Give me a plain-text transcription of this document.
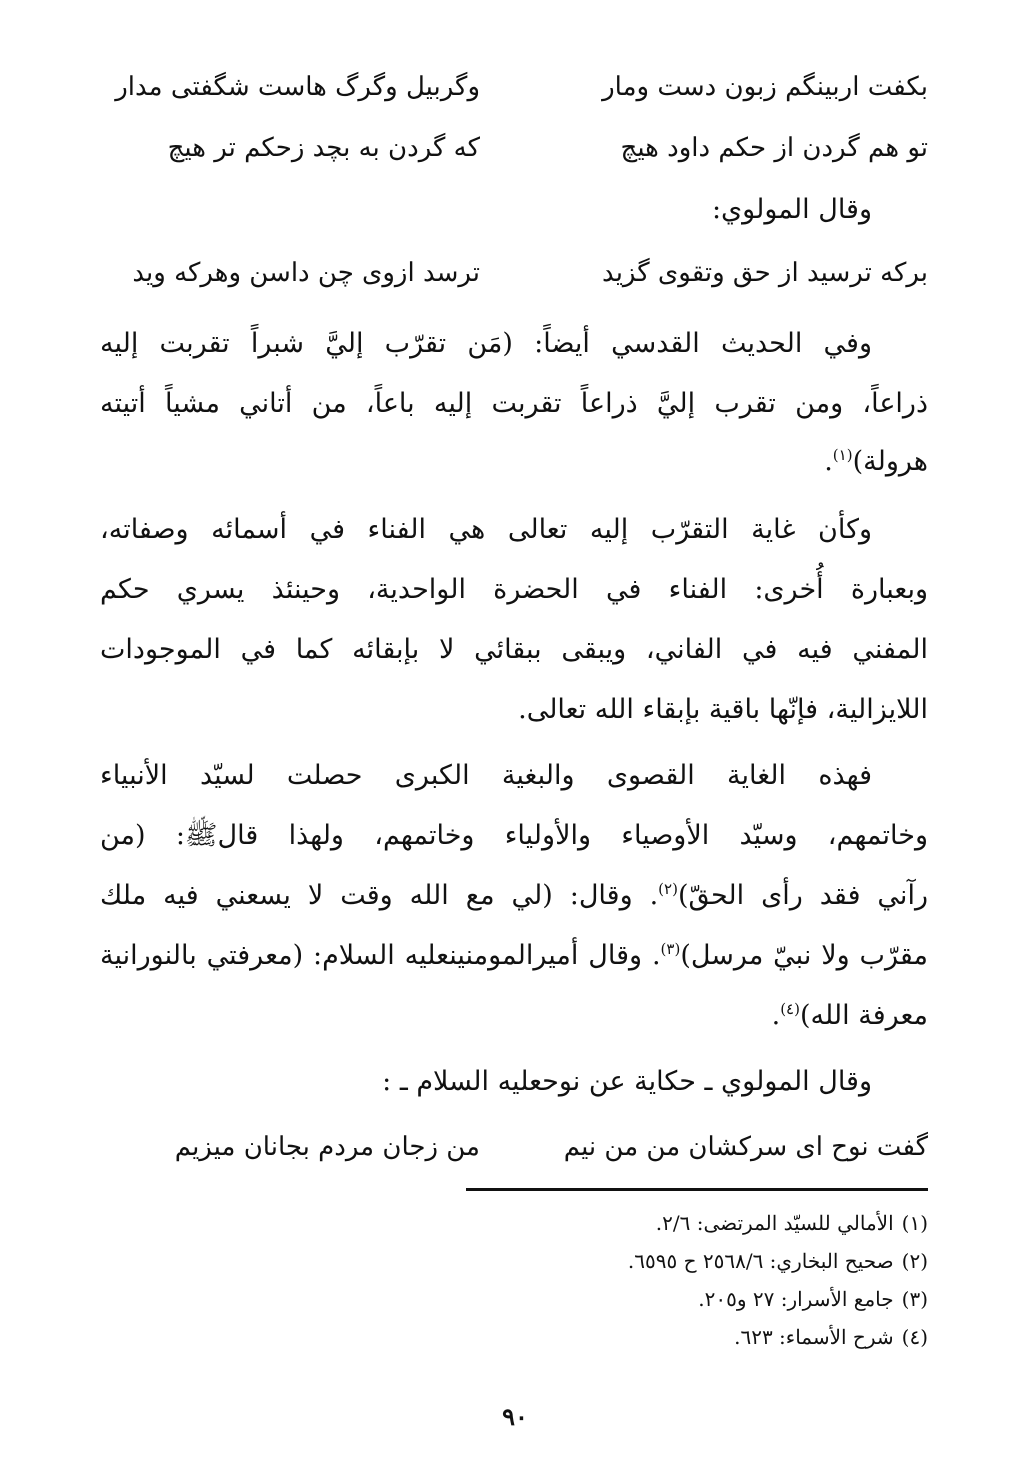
بكفت اربينگم زبون دست ومار
وگربيل وگرگ هاست شگفتی مدار
تو هم گردن از حكم داود هيچ
كه گردن به بچد زحكم تر هيچ
وقال المولوي:
بركه ترسيد از حق وتقوى گزيد
ترسد ازوی چن داسن وهركه ويد
وفي الحديث القدسي أيضاً: (مَن تقرّب إليَّ شبراً تقربت إليه
ذراعاً، ومن تقرب إليَّ ذراعاً تقربت إليه باعاً، من أتاني مشياً أتيته
هرولة)$^{(١)}$.
وكأن غاية التقرّب إليه تعالى هي الفناء في أسمائه وصفاته،
وبعبارة أُخرى: الفناء في الحضرة الواحدية، وحينئذ يسري حكم
المفني فيه في الفاني، ويبقى ببقائي لا بإبقائه كما في الموجودات
اللايزالية، فإنّها باقية بإبقاء الله تعالى.
فهذه الغاية القصوى والبغية الكبرى حصلت لسيّد الأنبياء
وخاتمهم، وسيّد الأوصياء والأولياء وخاتمهم، ولهذا قالﷺ: (من
رآني فقد رأى الحقّ)$^{(٢)}$. وقال: (لي مع الله وقت لا يسعني فيه ملك
مقرّب ولا نبيّ مرسل)$^{(٣)}$. وقال أميرالمومنينعليه السلام: (معرفتي بالنورانية
معرفة الله)$^{(٤)}$.
وقال المولوي ـ حكاية عن نوحعليه السلام ـ :
گفت نوح اى سركشان من من نيم
من زجان مردم بجانان ميزيم
(١)الأمالي للسيّد المرتضى: ٢/٦.
(٢)صحيح البخاري: ٢٥٦٨/٦ ح ٦٥٩٥.
(٣)جامع الأسرار: ٢٧ و٢٠٥.
(٤)شرح الأسماء: ٦٢٣.
٩٠
